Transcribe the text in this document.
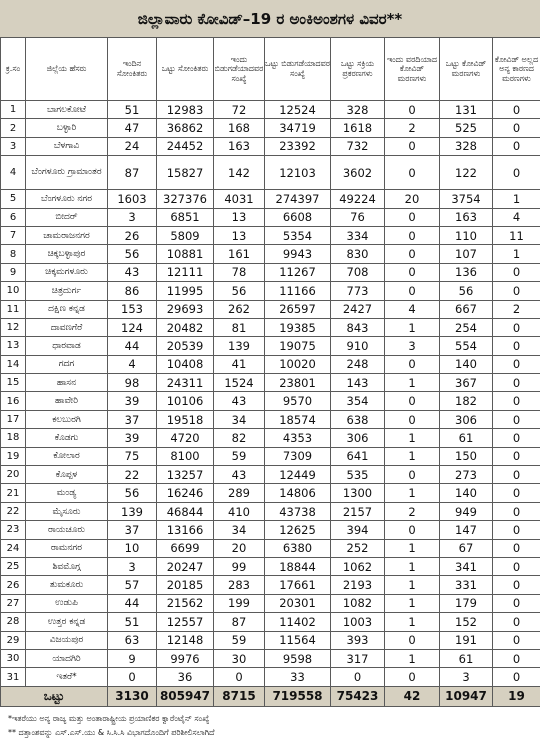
ಜಿಲ್ಲಾವಾರು ಕೋವಿಡ್–19 ರ ಅಂಕಿಅಂಶಗಳ ವಿವರ**
ಕ್ರ.ಸಂ	ಜಿಲ್ಲೆಯ ಹೆಸರು	ಇಂದಿನ ಸೋಂಕಿತರು	ಒಟ್ಟು ಸೋಂಕಿತರು	ಇಂದು ಬಿಡುಗಡೆಯಾದವರ ಸಂಖ್ಯೆ	ಒಟ್ಟು ಬಿಡುಗಡೆಯಾದವರ ಸಂಖ್ಯೆ	ಒಟ್ಟು ಸಕ್ರಿಯ ಪ್ರಕರಣಗಳು	ಇಂದು ವರದಿಯಾದ ಕೋವಿಡ್ ಮರಣಗಳು	ಒಟ್ಟು ಕೋವಿಡ್ ಮರಣಗಳು	ಕೋವಿಡ್ ಅಲ್ಲದ ಅನ್ಯ ಕಾರಣದ ಮರಣಗಳು
1	ಬಾಗಲಕೋಟೆ	51	12983	72	12524	328	0	131	0
2	ಬಳ್ಳಾರಿ	47	36862	168	34719	1618	2	525	0
3	ಬೆಳಗಾವಿ	24	24452	163	23392	732	0	328	0
4	ಬೆಂಗಳೂರು ಗ್ರಾಮಾಂತರ	87	15827	142	12103	3602	0	122	0
5	ಬೆಂಗಳೂರು ನಗರ	1603	327376	4031	274397	49224	20	3754	1
6	ಬೀದರ್	3	6851	13	6608	76	0	163	4
7	ಚಾಮರಾಜನಗರ	26	5809	13	5354	334	0	110	11
8	ಚಿಕ್ಕಬಳ್ಳಾಪುರ	56	10881	161	9943	830	0	107	1
9	ಚಿಕ್ಕಮಗಳೂರು	43	12111	78	11267	708	0	136	0
10	ಚಿತ್ರದುರ್ಗ	86	11995	56	11166	773	0	56	0
11	ದಕ್ಷಿಣ ಕನ್ನಡ	153	29693	262	26597	2427	4	667	2
12	ದಾವಣಗೆರೆ	124	20482	81	19385	843	1	254	0
13	ಧಾರವಾಡ	44	20539	139	19075	910	3	554	0
14	ಗದಗ	4	10408	41	10020	248	0	140	0
15	ಹಾಸನ	98	24311	1524	23801	143	1	367	0
16	ಹಾವೇರಿ	39	10106	43	9570	354	0	182	0
17	ಕಲಬುರಗಿ	37	19518	34	18574	638	0	306	0
18	ಕೊಡಗು	39	4720	82	4353	306	1	61	0
19	ಕೋಲಾರ	75	8100	59	7309	641	1	150	0
20	ಕೊಪ್ಪಳ	22	13257	43	12449	535	0	273	0
21	ಮಂಡ್ಯ	56	16246	289	14806	1300	1	140	0
22	ಮೈಸೂರು	139	46844	410	43738	2157	2	949	0
23	ರಾಯಚೂರು	37	13166	34	12625	394	0	147	0
24	ರಾಮನಗರ	10	6699	20	6380	252	1	67	0
25	ಶಿವಮೊಗ್ಗ	3	20247	99	18844	1062	1	341	0
26	ತುಮಕೂರು	57	20185	283	17661	2193	1	331	0
27	ಉಡುಪಿ	44	21562	199	20301	1082	1	179	0
28	ಉತ್ತರ ಕನ್ನಡ	51	12557	87	11402	1003	1	152	0
29	ವಿಜಯಪುರ	63	12148	59	11564	393	0	191	0
30	ಯಾದಗಿರಿ	9	9976	30	9598	317	1	61	0
31	ಇತರೆ*	0	36	0	33	0	0	3	0
ಒಟ್ಟು		3130	805947	8715	719558	75423	42	10947	19
*ಇತರೆಯು ಅನ್ಯ ರಾಜ್ಯ ಮತ್ತು ಅಂತಾರಾಷ್ಟ್ರೀಯ ಪ್ರಯಾಣಿಕರ ಕ್ವಾರೆಂಟೈನ್ ಸಂಖ್ಯೆ
** ದತ್ತಾಂಶವನ್ನು ಎಸ್.ಎಸ್.ಯು & ಸಿ.ಸಿ.ಸಿ ವಿಭಾಗದೊಂದಿಗೆ ಪರಿಶೀಲಿಸಲಾಗಿದೆ
